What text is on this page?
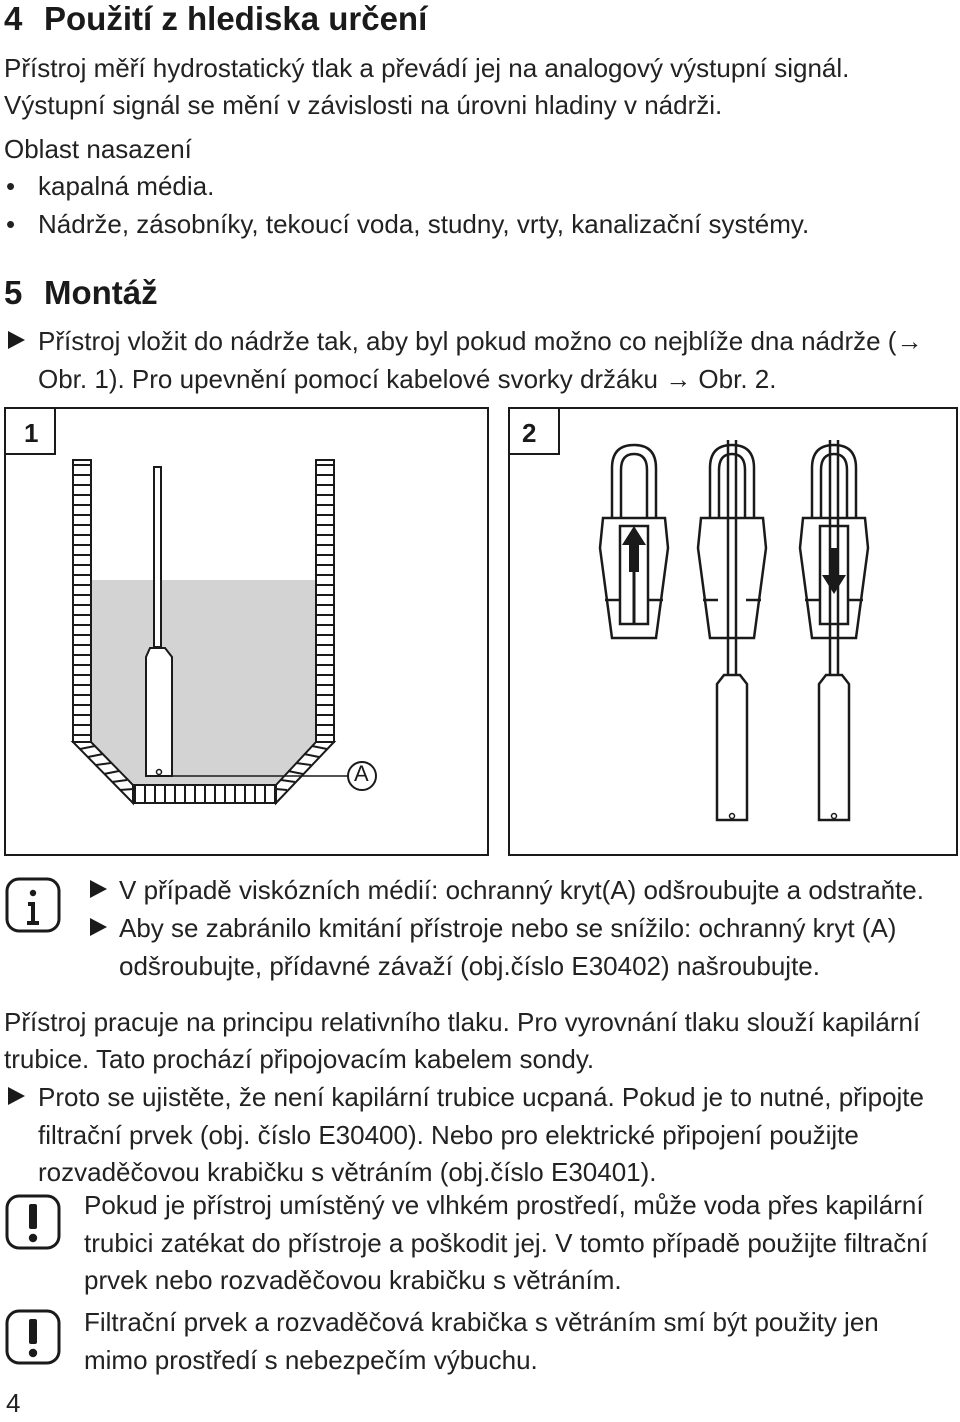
4 Použití z hlediska určení
Přístroj měří hydrostatický tlak a převádí jej na analogový výstupní signál.
Výstupní signál se mění v závislosti na úrovni hladiny v nádrži.
Oblast nasazení
• kapalná média.
• Nádrže, zásobníky, tekoucí voda, studny, vrty, kanalizační systémy.
5 Montáž
Přístroj vložit do nádrže tak, aby byl pokud možno co nejblíže dna nádrže (→
Obr. 1). Pro upevnění pomocí kabelové svorky držáku → Obr. 2.
1	2
A
V případě viskózních médií: ochranný kryt(A) odšroubujte a odstraňte.
Aby se zabránilo kmitání přístroje nebo se snížilo: ochranný kryt (A)
odšroubujte, přídavné závaží (obj.číslo E30402) našroubujte.
Přístroj pracuje na principu relativního tlaku. Pro vyrovnání tlaku slouží kapilární
trubice. Tato prochází připojovacím kabelem sondy.
Proto se ujistěte, že není kapilární trubice ucpaná. Pokud je to nutné, připojte
filtrační prvek (obj. číslo E30400). Nebo pro elektrické připojení použijte
rozvaděčovou krabičku s větráním (obj.číslo E30401).
Pokud je přístroj umístěný ve vlhkém prostředí, může voda přes kapilární
trubici zatékat do přístroje a poškodit jej. V tomto případě použijte filtrační
prvek nebo rozvaděčovou krabičku s větráním.
Filtrační prvek a rozvaděčová krabička s větráním smí být použity jen
mimo prostředí s nebezpečím výbuchu.
4
